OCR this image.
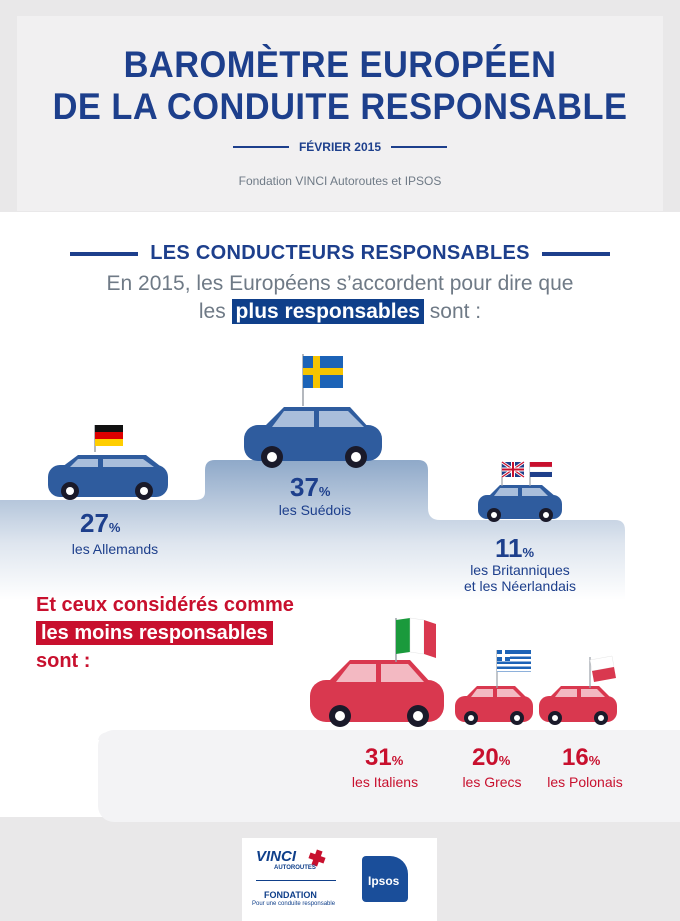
BAROMÈTRE EUROPÉEN
DE LA CONDUITE RESPONSABLE
FÉVRIER 2015
Fondation VINCI Autoroutes et IPSOS
LES CONDUCTEURS RESPONSABLES
En 2015, les Européens s’accordent pour dire que
les plus responsables sont :
27%
les Allemands
37%
les Suédois
11%
les Britanniques
et les Néerlandais
Et ceux considérés comme
les moins responsables
sont :
31%
les Italiens
20%
les Grecs
16%
les Polonais
VINCI
AUTOROUTES
FONDATION
Pour une conduite responsable
Ipsos
